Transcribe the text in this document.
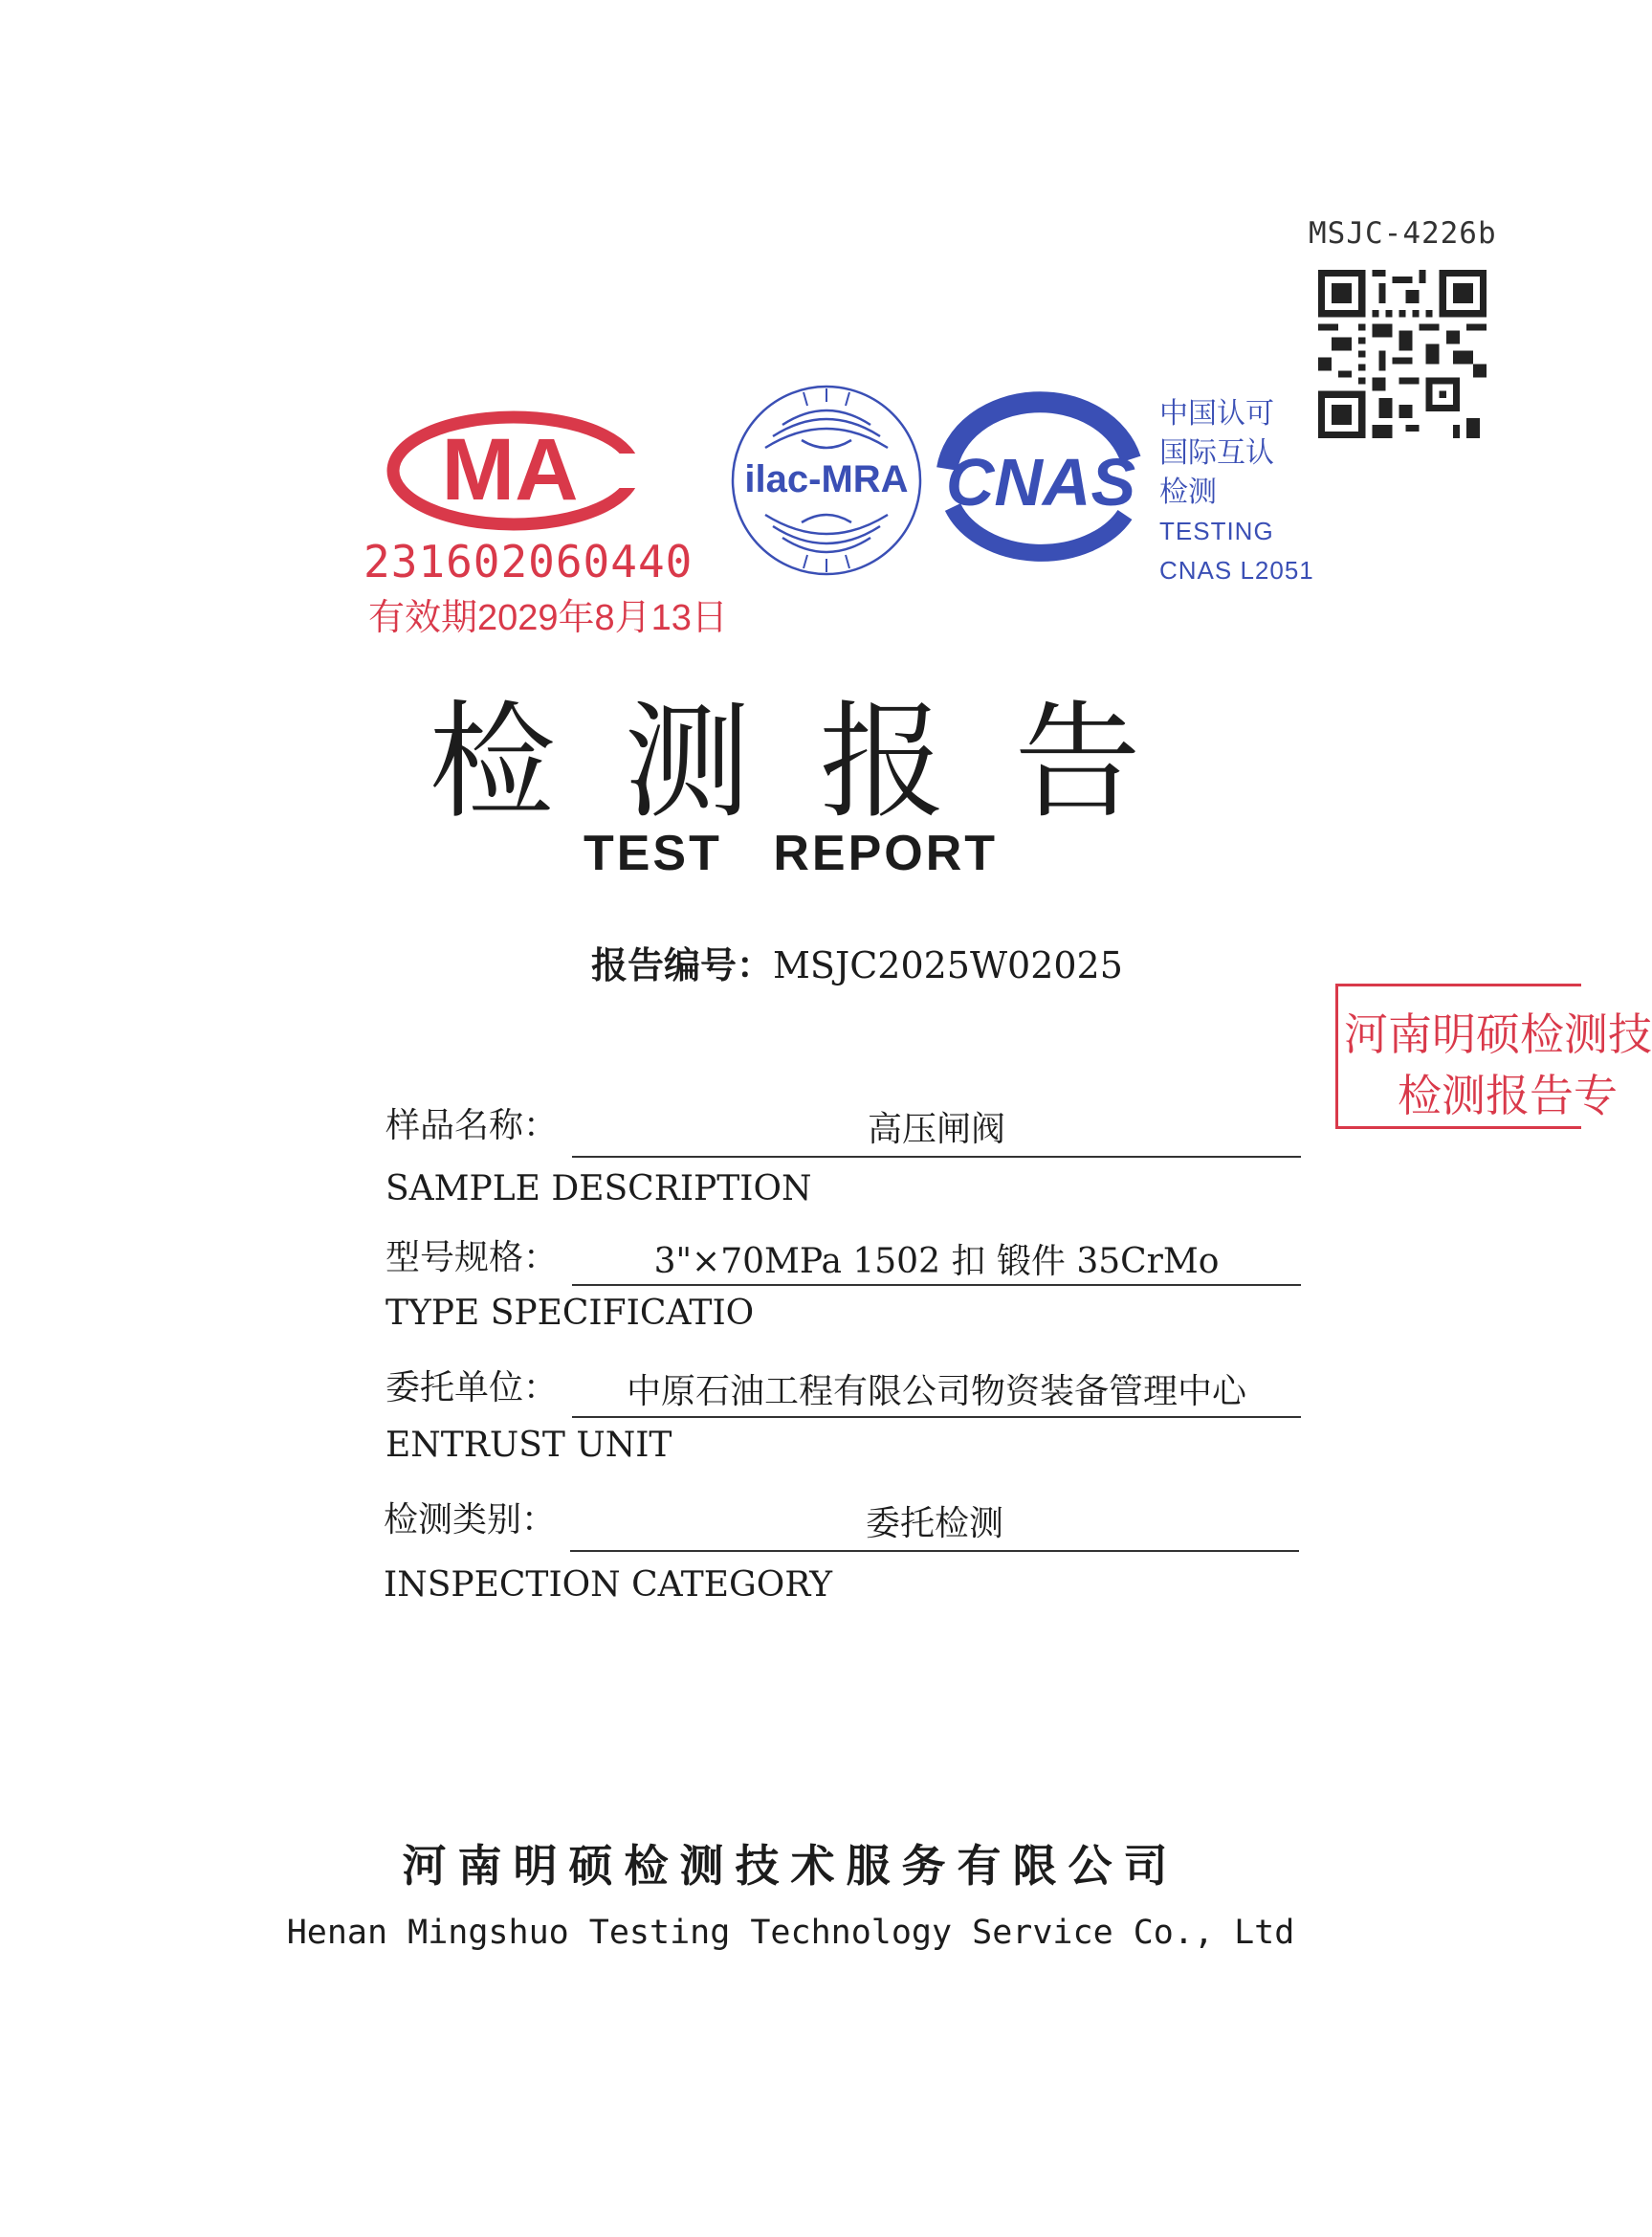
MSJC-4226b
MA
231602060440
有效期2029年8月13日
ilac-MRA CNAS
中国认可
国际互认
检测
TESTING
CNAS L2051
检测报告
TEST REPORT
报告编号：MSJC2025W02025
河南明硕检测技
检测报告专
样品名称：	高压闸阀
SAMPLE DESCRIPTION
型号规格：	3"×70MPa 1502 扣 锻件 35CrMo
TYPE SPECIFICATIO
委托单位：	中原石油工程有限公司物资装备管理中心
ENTRUST UNIT
检测类别：	委托检测
INSPECTION CATEGORY
河南明硕检测技术服务有限公司
Henan Mingshuo Testing Technology Service Co., Ltd
